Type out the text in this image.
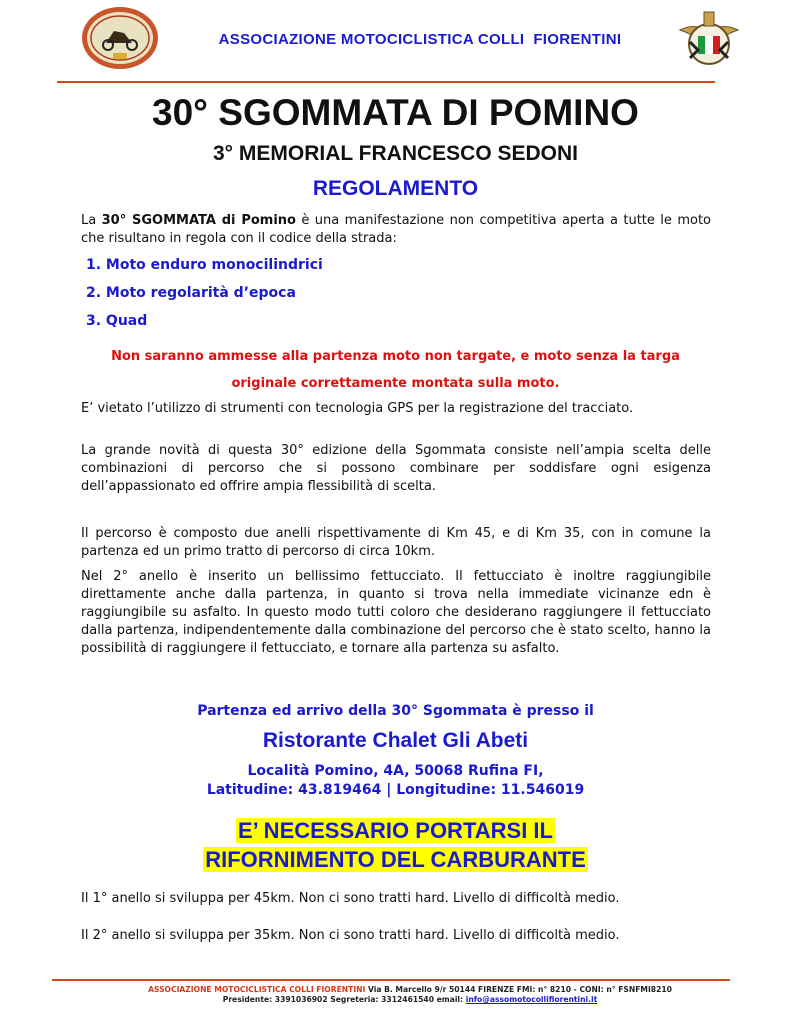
ASSOCIAZIONE MOTOCICLISTICA COLLI  FIORENTINI
30° SGOMMATA DI POMINO
3° MEMORIAL FRANCESCO SEDONI
REGOLAMENTO
La 30° SGOMMATA di Pomino è una manifestazione non competitiva aperta a tutte le moto che risultano in regola con il codice della strada:
1. Moto enduro monocilindrici
2. Moto regolarità d’epoca
3. Quad
Non saranno ammesse alla partenza moto non targate, e moto senza la targa
originale correttamente montata sulla moto.
E’ vietato l’utilizzo di strumenti con tecnologia GPS per la registrazione del tracciato.
La grande novità di questa 30° edizione della Sgommata consiste nell’ampia scelta delle combinazioni di percorso che si possono combinare per soddisfare ogni esigenza dell’appassionato ed offrire ampia flessibilità di scelta.
Il percorso è composto due anelli rispettivamente di Km 45, e di Km 35, con in comune la partenza ed un primo tratto di percorso di circa 10km.
Nel 2° anello è inserito un bellissimo fettucciato. Il fettucciato è inoltre raggiungibile direttamente anche dalla partenza, in quanto si trova nella immediate vicinanze edn è raggiungibile su asfalto. In questo modo tutti coloro che desiderano raggiungere il fettucciato dalla partenza, indipendentemente dalla combinazione del percorso che è stato scelto, hanno la possibilità di raggiungere il fettucciato, e tornare alla partenza su asfalto.
Partenza ed arrivo della 30° Sgommata è presso il
Ristorante Chalet Gli Abeti
Località Pomino, 4A, 50068 Rufina FI,
Latitudine: 43.819464 | Longitudine: 11.546019
E’ NECESSARIO PORTARSI IL
RIFORNIMENTO DEL CARBURANTE
Il 1° anello si sviluppa per 45km. Non ci sono tratti hard. Livello di difficoltà medio.
Il 2° anello si sviluppa per 35km. Non ci sono tratti hard. Livello di difficoltà medio.
ASSOCIAZIONE MOTOCICLISTICA COLLI FIORENTINI Via B. Marcello 9/r 50144 FIRENZE FMI: n° 8210 - CONI: n° FSNFMI8210
Presidente: 3391036902 Segreteria: 3312461540 email: info@assomotocollifiorentini.it
